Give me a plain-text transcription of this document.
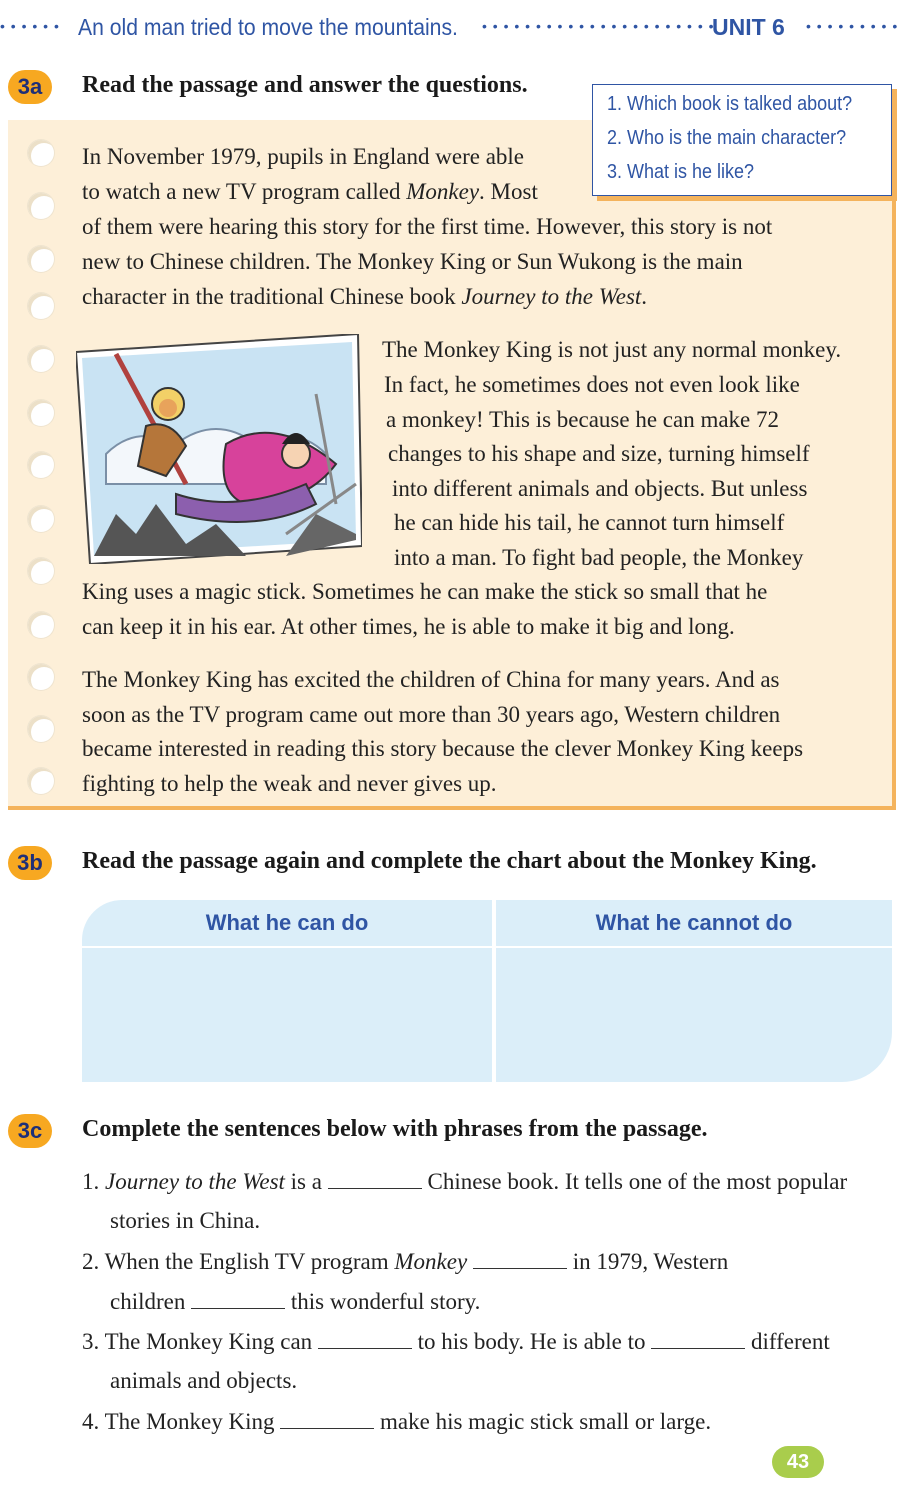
• • • • • • An old man tried to move the mountains. • • • • • • • • • • • • • • • • • • • • • •
UNIT 6 • • • • • • • • •
3a	Read the passage and answer the questions.
1. Which book is talked about?
2. Who is the main character?
3. What is he like?
In November 1979, pupils in England were able
to watch a new TV program called Monkey. Most
of them were hearing this story for the first time. However, this story is not
new to Chinese children. The Monkey King or Sun Wukong is the main
character in the traditional Chinese book Journey to the West.
The Monkey King is not just any normal monkey.
In fact, he sometimes does not even look like
a monkey! This is because he can make 72
changes to his shape and size, turning himself
into different animals and objects. But unless
he can hide his tail, he cannot turn himself
into a man. To fight bad people, the Monkey
King uses a magic stick. Sometimes he can make the stick so small that he
can keep it in his ear. At other times, he is able to make it big and long.
The Monkey King has excited the children of China for many years. And as
soon as the TV program came out more than 30 years ago, Western children
became interested in reading this story because the clever Monkey King keeps
fighting to help the weak and never gives up.
3b	Read the passage again and complete the chart about the Monkey King.
What he can do	What he cannot do
3c	Complete the sentences below with phrases from the passage.
1. Journey to the West is a	Chinese book. It tells one of the most popular
stories in China.
2. When the English TV program Monkey	in 1979, Western
children	this wonderful story.
3. The Monkey King can	to his body. He is able to	different
animals and objects.
4. The Monkey King	make his magic stick small or large.
43
